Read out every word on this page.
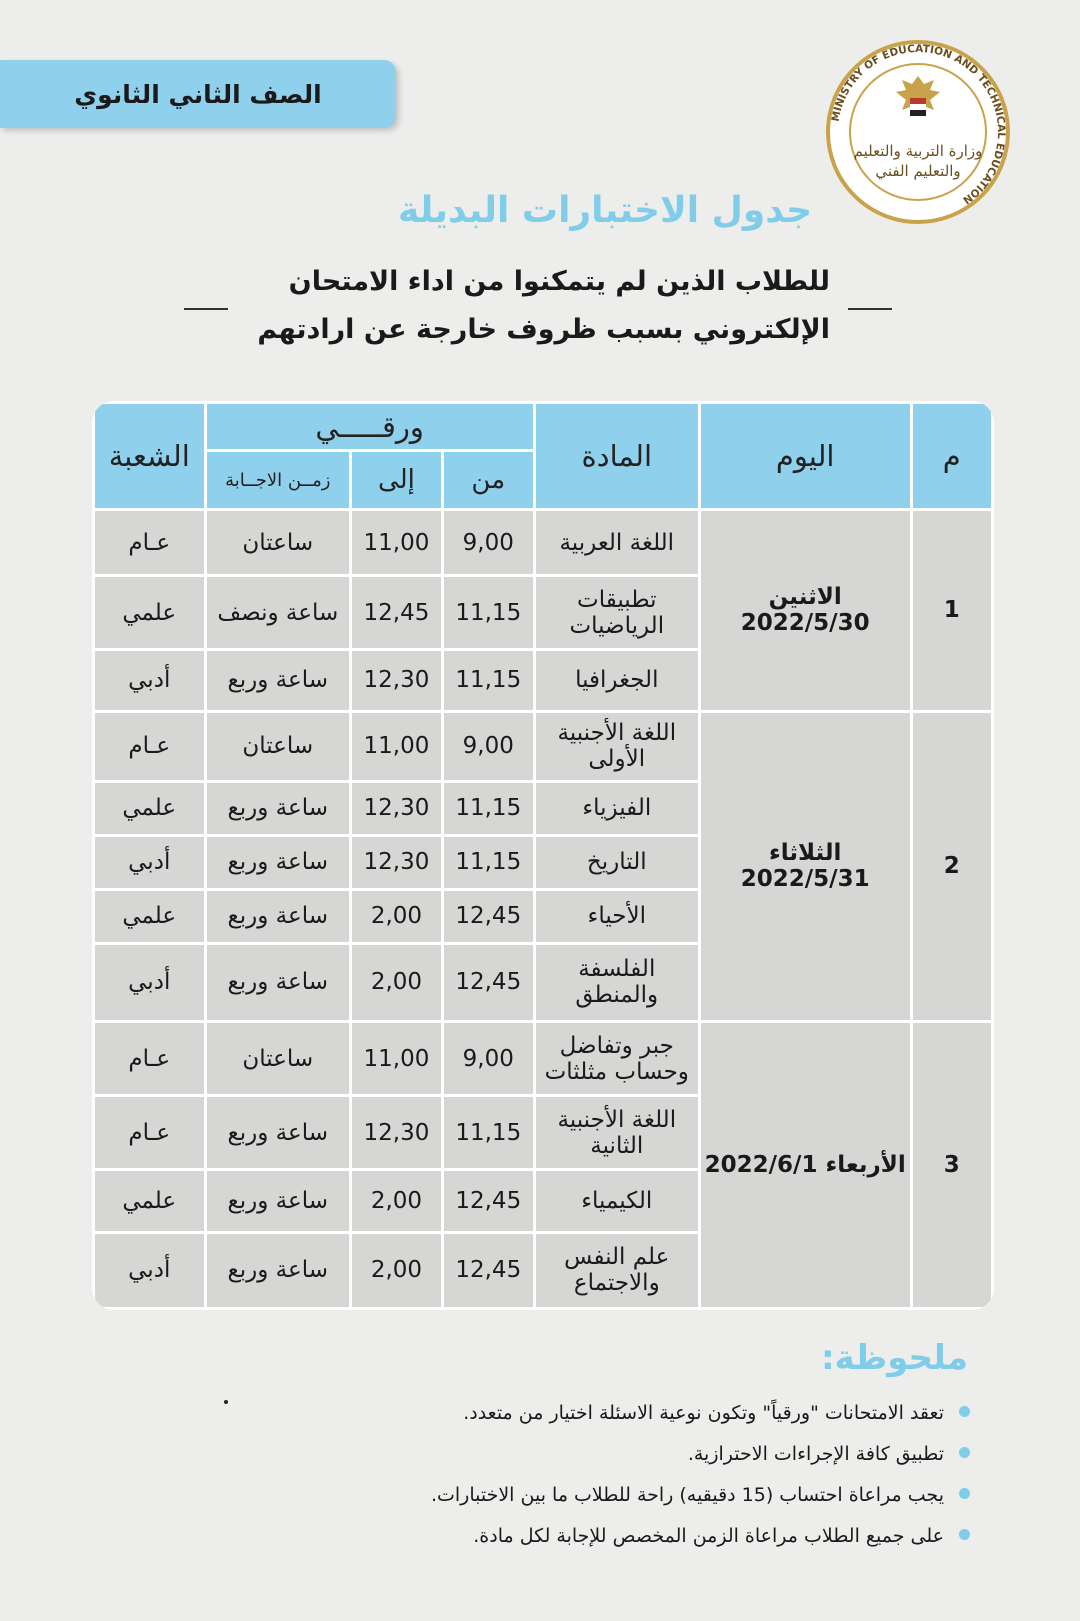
الصف الثاني الثانوي
MINISTRY OF EDUCATION AND TECHNICAL EDUCATION
وزارة التربية والتعليم
والتعليم الفني
جدول الاختبارات البديلة
للطلاب الذين لم يتمكنوا من اداء الامتحان
الإلكتروني بسبب ظروف خارجة عن ارادتهم
م	اليوم	المادة	ورقـــــي			الشعبة
			من	إلى	زمــن الاجــابة	
1	الاثنين 2022/5/30	اللغة العربية	9,00	11,00	ساعتان	عـام
		تطبيقات الرياضيات	11,15	12,45	ساعة ونصف	علمي
		الجغرافيا	11,15	12,30	ساعة وربع	أدبي
2	الثلاثاء 2022/5/31	اللغة الأجنبية الأولى	9,00	11,00	ساعتان	عـام
		الفيزياء	11,15	12,30	ساعة وربع	علمي
		التاريخ	11,15	12,30	ساعة وربع	أدبي
		الأحياء	12,45	2,00	ساعة وربع	علمي
		الفلسفة والمنطق	12,45	2,00	ساعة وربع	أدبي
3	الأربعاء 2022/6/1	جبر وتفاضل وحساب مثلثات	9,00	11,00	ساعتان	عـام
		اللغة الأجنبية الثانية	11,15	12,30	ساعة وربع	عـام
		الكيمياء	12,45	2,00	ساعة وربع	علمي
		علم النفس والاجتماع	12,45	2,00	ساعة وربع	أدبي
ملحوظة:
تعقد الامتحانات "ورقياً" وتكون نوعية الاسئلة اختيار من متعدد.
تطبيق كافة الإجراءات الاحترازية.
يجب مراعاة احتساب (15 دقيقيه) راحة للطلاب ما بين الاختبارات.
على جميع الطلاب مراعاة الزمن المخصص للإجابة لكل مادة.
